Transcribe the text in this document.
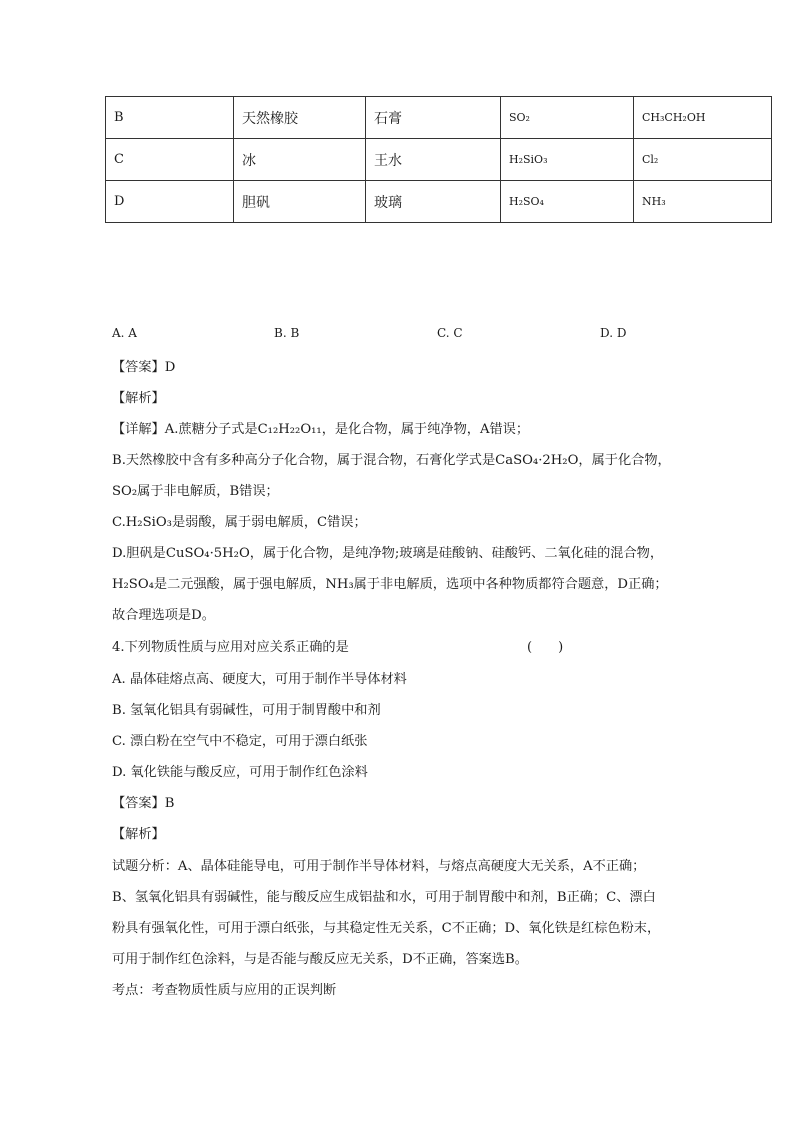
B	天然橡胶	石膏	SO₂	CH₃CH₂OH
C	冰	王水	H₂SiO₃	Cl₂
D	胆矾	玻璃	H₂SO₄	NH₃
A. A	B. B	C. C	D. D
【答案】D
【解析】
【详解】A.蔗糖分子式是C₁₂H₂₂O₁₁，是化合物，属于纯净物，A错误；
B.天然橡胶中含有多种高分子化合物，属于混合物，石膏化学式是CaSO₄·2H₂O，属于化合物，
SO₂属于非电解质，B错误；
C.H₂SiO₃是弱酸，属于弱电解质，C错误；
D.胆矾是CuSO₄·5H₂O，属于化合物，是纯净物;玻璃是硅酸钠、硅酸钙、二氧化硅的混合物，
H₂SO₄是二元强酸，属于强电解质，NH₃属于非电解质，选项中各种物质都符合题意，D正确；
故合理选项是D。
4.下列物质性质与应用对应关系正确的是	(　　)
A. 晶体硅熔点高、硬度大，可用于制作半导体材料
B. 氢氧化铝具有弱碱性，可用于制胃酸中和剂
C. 漂白粉在空气中不稳定，可用于漂白纸张
D. 氧化铁能与酸反应，可用于制作红色涂料
【答案】B
【解析】
试题分析：A、晶体硅能导电，可用于制作半导体材料，与熔点高硬度大无关系，A不正确；
B、氢氧化铝具有弱碱性，能与酸反应生成铝盐和水，可用于制胃酸中和剂，B正确；C、漂白
粉具有强氧化性，可用于漂白纸张，与其稳定性无关系，C不正确；D、氧化铁是红棕色粉末，
可用于制作红色涂料，与是否能与酸反应无关系，D不正确，答案选B。
考点：考查物质性质与应用的正误判断
